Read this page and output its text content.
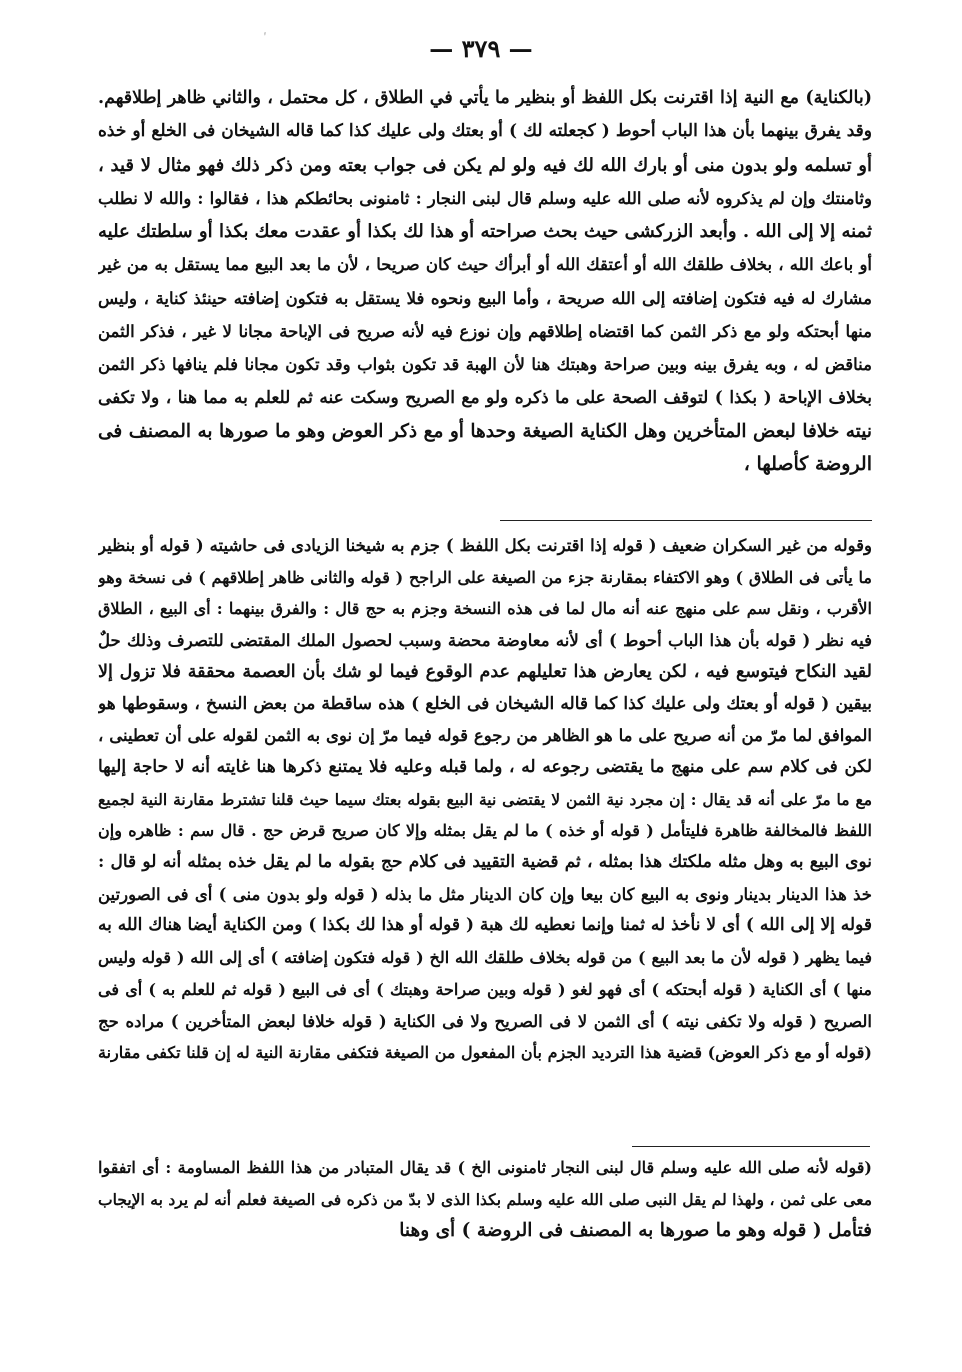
′	— ٣٧٩ —
(بالكناية) مع النية إذا اقترنت بكل اللفظ أو بنظير ما يأتي في الطلاق ، كل محتمل ، والثاني ظاهر إطلاقهم.
وقد يفرق بينهما بأن هذا الباب أحوط ( كجعلته لك ) أو بعتك ولى عليك كذا كما قاله الشيخان فى الخلع أو خذه
أو تسلمه ولو بدون منى أو بارك الله لك فيه ولو لم يكن فى جواب بعته ومن ذكر ذلك فهو مثال لا قيد ،
وثامنتك وإن لم يذكروه لأنه صلى الله عليه وسلم قال لبنى النجار : ثامنونى بحائطكم هذا ، فقالوا : والله لا نطلب
ثمنه إلا إلى الله . وأبعد الزركشى حيث بحث صراحته أو هذا لك بكذا أو عقدت معك بكذا أو سلطتك عليه
أو باعك الله ، بخلاف طلقك الله أو أعتقك الله أو أبرأك حيث كان صريحا ، لأن ما بعد البيع مما يستقل به من غير
مشارك له فيه فتكون إضافته إلى الله صريحة ، وأما البيع ونحوه فلا يستقل به فتكون إضافته حينئذ كناية ، وليس
منها أبحتكه ولو مع ذكر الثمن كما اقتضاه إطلاقهم وإن نوزع فيه لأنه صريح فى الإباحة مجانا لا غير ، فذكر الثمن
مناقض له ، وبه يفرق بينه وبين صراحة وهبتك هنا لأن الهبة قد تكون بثواب وقد تكون مجانا فلم ينافها ذكر الثمن
بخلاف الإباحة ( بكذا ) لتوقف الصحة على ما ذكره ولو مع الصريح وسكت عنه ثم للعلم به مما هنا ، ولا تكفى
نيته خلافا لبعض المتأخرين وهل الكناية الصيغة وحدها أو مع ذكر العوض وهو ما صورها به المصنف فى
الروضة كأصلها ،
وقوله من غير السكران ضعيف ( قوله إذا اقترنت بكل اللفظ ) جزم به شيخنا الزيادى فى حاشيته ( قوله أو بنظير
ما يأتى فى الطلاق ) وهو الاكتفاء بمقارنة جزء من الصيغة على الراجح ( قوله والثانى ظاهر إطلاقهم ) فى نسخة وهو
الأقرب ، ونقل سم على منهج عنه أنه مال لما فى هذه النسخة وجزم به حج قال : والفرق بينهما : أى البيع ، الطلاق
فيه نظر ( قوله بأن هذا الباب أحوط ) أى لأنه معاوضة محضة وسبب لحصول الملك المقتضى للتصرف وذلك حلٌ
لقيد النكاح فيتوسع فيه ، لكن يعارض هذا تعليلهم عدم الوقوع فيما لو شك بأن العصمة محققة فلا تزول إلا
بيقين ( قوله أو بعتك ولى عليك كذا كما قاله الشيخان فى الخلع ) هذه ساقطة من بعض النسخ ، وسقوطها هو
الموافق لما مرّ من أنه صريح على ما هو الظاهر من رجوع قوله فيما مرّ إن نوى به الثمن لقوله على أن تعطينى ،
لكن فى كلام سم على منهج ما يقتضى رجوعه له ، ولما قبله وعليه فلا يمتنع ذكرها هنا غايته أنه لا حاجة إليها
مع ما مرّ على أنه قد يقال : إن مجرد نية الثمن لا يقتضى نية البيع بقوله بعتك سيما حيث قلنا تشترط مقارنة النية لجميع
اللفظ فالمخالفة ظاهرة فليتأمل ( قوله أو خذه ) ما لم يقل بمثله وإلا كان صريح قرض حج . قال سم : ظاهره وإن
نوى البيع به وهل مثله ملكتك هذا بمثله ، ثم قضية التقييد فى كلام حج بقوله ما لم يقل خذه بمثله أنه لو قال :
خذ هذا الدينار بدينار ونوى به البيع كان بيعا وإن كان الدينار مثل ما بذله ( قوله ولو بدون منى ) أى فى الصورتين
قوله إلا إلى الله ) أى لا نأخذ له ثمنا وإنما نعطيه لك هبة ( قوله أو هذا لك بكذا ) ومن الكناية أيضا هناك الله به
فيما يظهر ( قوله لأن ما بعد البيع ) من قوله بخلاف طلقك الله الخ ( قوله فتكون إضافته ) أى إلى الله ( قوله وليس
منها ) أى الكناية ( قوله أبحتكه ) أى فهو لغو ( قوله وبين صراحة وهبتك ) أى فى البيع ( قوله ثم للعلم به ) أى فى
الصريح ( قوله ولا تكفى نيته ) أى الثمن لا فى الصريح ولا فى الكناية ( قوله خلافا لبعض المتأخرين ) مراده حج
(قوله أو مع ذكر العوض) قضية هذا الترديد الجزم بأن المفعول من الصيغة فتكفى مقارنة النية له إن قلنا تكفى مقارنة
(قوله لأنه صلى الله عليه وسلم قال لبنى النجار ثامنونى الخ ) قد يقال المتبادر من هذا اللفظ المساومة : أى اتفقوا
معى على ثمن ، ولهذا لم يقل النبى صلى الله عليه وسلم بكذا الذى لا بدّ من ذكره فى الصيغة فعلم أنه لم يرد به الإيجاب
فتأمل ( قوله وهو ما صورها به المصنف فى الروضة ) أى وهنا
